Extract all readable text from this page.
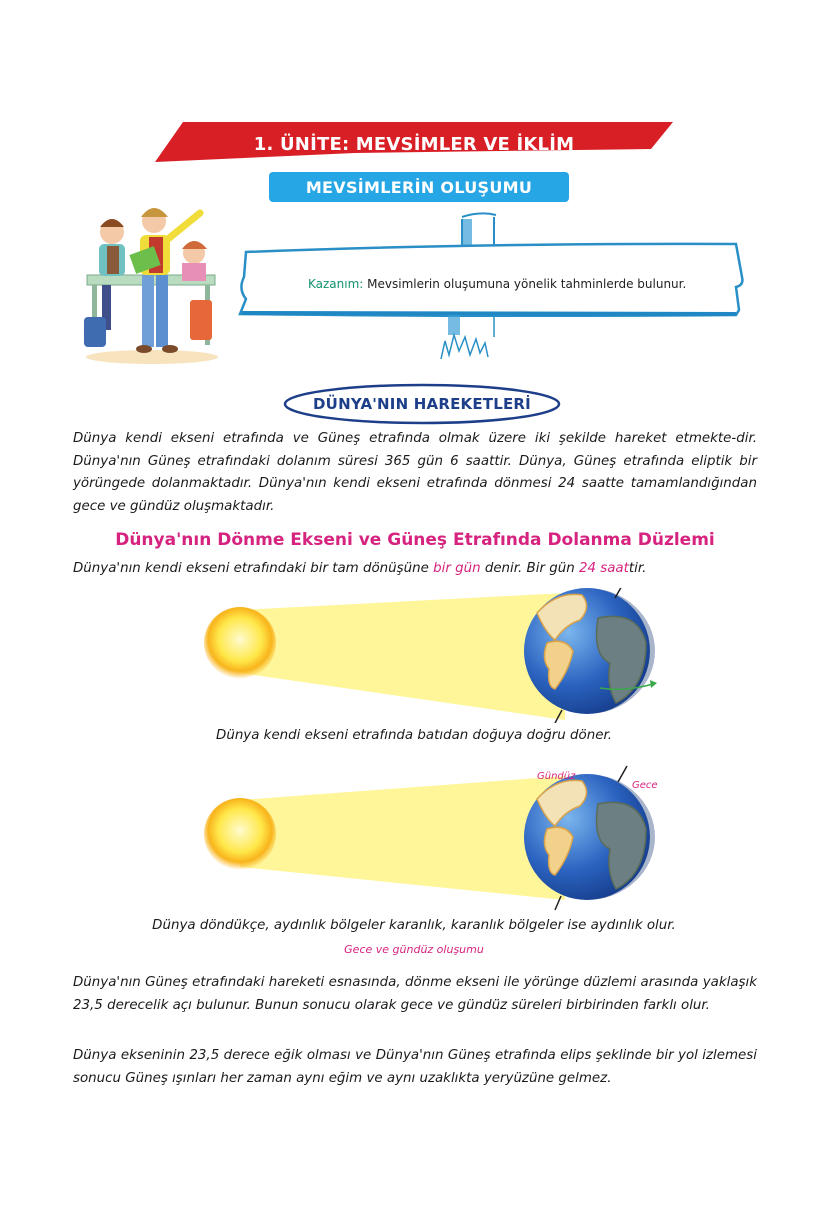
1. ÜNİTE: MEVSİMLER VE İKLİM
MEVSİMLERİN OLUŞUMU
Kazanım: Mevsimlerin oluşumuna yönelik tahminlerde bulunur.
DÜNYA'NIN HAREKETLERİ

Dünya kendi ekseni etrafında ve Güneş etrafında olmak üzere iki şekilde hareket etmekte-dir. Dünya'nın Güneş etrafındaki dolanım süresi 365 gün 6 saattir. Dünya, Güneş etrafında eliptik bir yörüngede dolanmaktadır. Dünya'nın kendi ekseni etrafında dönmesi 24 saatte tamamlandığından gece ve gündüz oluşmaktadır.

Dünya'nın Dönme Ekseni ve Güneş Etrafında Dolanma Düzlemi

Dünya'nın kendi ekseni etrafındaki bir tam dönüşüne bir gün denir. Bir gün 24 saattir.

Dünya kendi ekseni etrafında batıdan doğuya doğru döner.
Gündüz
Gece
Dünya döndükçe, aydınlık bölgeler karanlık, karanlık bölgeler ise aydınlık olur.
Gece ve gündüz oluşumu

Dünya'nın Güneş etrafındaki hareketi esnasında, dönme ekseni ile yörünge düzlemi arasında yaklaşık 23,5 derecelik açı bulunur. Bunun sonucu olarak gece ve gündüz süreleri birbirinden farklı olur.

Dünya ekseninin 23,5 derece eğik olması ve Dünya'nın Güneş etrafında elips şeklinde bir yol izlemesi sonucu Güneş ışınları her zaman aynı eğim ve aynı uzaklıkta yeryüzüne gelmez.
